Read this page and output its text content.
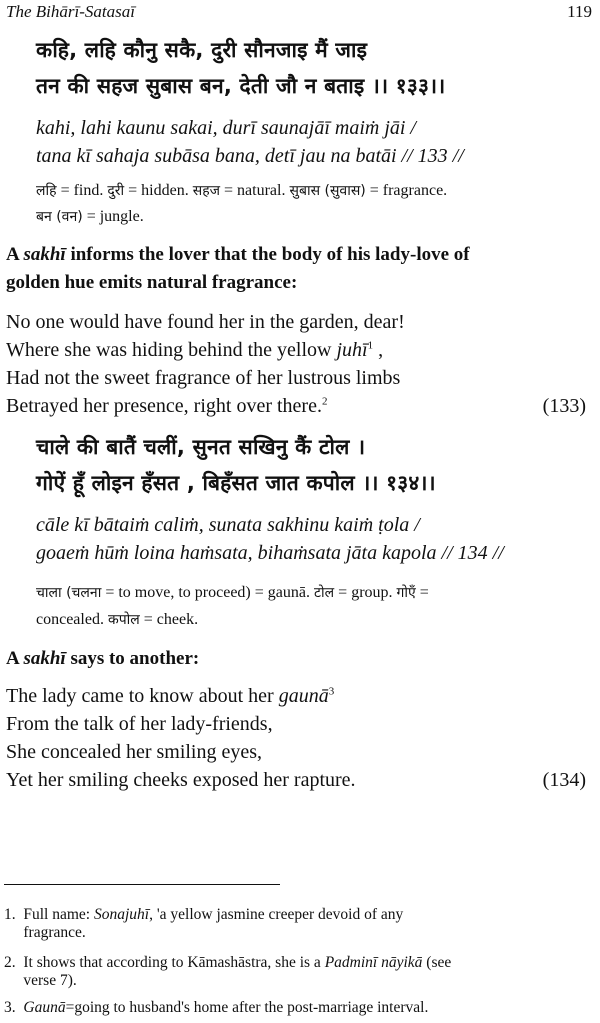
The Bihārī-Satasaī	119
कहि, लहि कौनु सकै, दुरी सौनजाइ मैं जाइ
तन की सहज सुबास बन, देती जौ न बताइ ।। १३३।।
kahi, lahi kaunu sakai, durī saunajāī maiṁ jāi /
tana kī sahaja subāsa bana, detī jau na batāi // 133 //
लहि = find. दुरी = hidden. सहज = natural. सुबास (सुवास) = fragrance.
बन (वन) = jungle.
A sakhī informs the lover that the body of his lady-love of
golden hue emits natural fragrance:
No one would have found her in the garden, dear!
Where she was hiding behind the yellow juhī$^1$ ,
Had not the sweet fragrance of her lustrous limbs
Betrayed her presence, right over there.$^2$	(133)
चाले की बातैं चलीं, सुनत सखिनु कैं टोल ।
गोऐं हूँ लोइन हँसत , बिहँसत जात कपोल ।। १३४।।
cāle kī bātaiṁ caliṁ, sunata sakhinu kaiṁ ṭola /
goaeṁ hūṁ loina haṁsata, bihaṁsata jāta kapola // 134 //
चाला (चलना = to move, to proceed) = gaunā. टोल = group. गोएँ =
concealed. कपोल = cheek.
A sakhī says to another:
The lady came to know about her gaunā$^3$
From the talk of her lady-friends,
She concealed her smiling eyes,
Yet her smiling cheeks exposed her rapture.	(134)
1.  Full name: Sonajuhī, 'a yellow jasmine creeper devoid of any
fragrance.
2.  It shows that according to Kāmashāstra, she is a Padminī nāyikā (see
verse 7).
3.  Gaunā=going to husband's home after the post-marriage interval.
